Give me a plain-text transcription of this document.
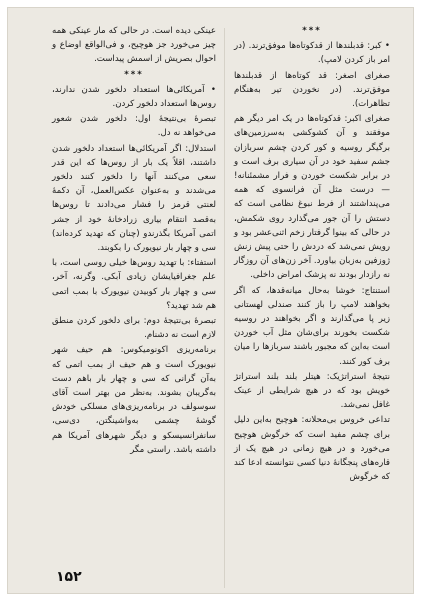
***

• کبر: قدبلندها از قدکوتاه‌ها موفق‌ترند. (در امر باز کردن لامپ).

صغرای اصغر: قد کوتاه‌ها از قدبلندها موفق‌ترند. (در نخوردن تیر به‌هنگام تظاهرات).

صغرای اکبر: قدکوتاه‌ها در یک امر دیگر هم موفقند و آن کشوکشی به‌سرزمین‌های برگیگر روسیه و کور کردن چشم سربازان جشم سفید خود در آن سیاری برف است و در برابر شکست خوردن و فرار مشمئنانه! — درست مثل آن فرانسوی که همه می‌پنداشتند از فرط نبوغ نظامی است که دستش را آن جور می‌گذارد روی شکمش، در حالی که بینوا گرفتار زخم اثنی‌عشر بود و رویش نمی‌شد که دردش را حتی پیش زنش ژوزفین به‌زبان بیاورد. آخر زن‌های آن روزگار نه رازدار بودند نه پزشک امراض داخلی.

استنتاج: خوشا به‌حال میانه‌قدها، که اگر بخواهند لامپ را باز کنند صندلی لهستانی زیر پا می‌گذارند و اگر بخواهند در روسیه شکست بخورند برای‌شان مثل آب خوردن است به‌این که مجبور باشند سربازها را میان برف کور کنند.

نتیجهٔ استراتژیک: هیتلر بلند بلند استراتژ خویش بود که در هیچ شرایطی از عینک غافل نمی‌شد.

تداعی خروس بی‌محلانه: هوچیح به‌این دلیل برای چشم مفید است که خرگوش هوچیح می‌خورد و در هیچ زمانی در هیچ یک از قاره‌های پنجگانهٔ دنیا کسی نتوانسته ادعا کند که خرگوش

عینکی دیده است. در حالی که مار عینکی همه چیز می‌خورد جز هوچیح، و فی‌الواقع اوضاع و احوال بصریش از اسمش پیداست.

***

• آمریکائی‌ها استعداد دلخور شدن ندارند، روس‌ها استعداد دلخور کردن.

تبصرهٔ بی‌نتیجهٔ اول: دلخور شدن شعور می‌خواهد نه دل.

استدلال: اگر آمریکائی‌ها استعداد دلخور شدن داشتند، اقلاً یک بار از روس‌ها که این قدر سعی می‌کنند آنها را دلخور کنند دلخور می‌شدند و به‌عنوان عکس‌العمل، آن دکمهٔ لعنتی قرمز را فشار می‌دادند تا روس‌ها به‌قصد انتقام بیاری زرادخانهٔ خود از جشر اتمی آمریکا بگذرندو (چنان که تهدید کرده‌اند) سی و چهار بار نیویورک را بکوبند.

استفتاء: با تهدید روس‌ها خیلی روسی است، با علم جغرافیایشان زیادی آبکی. وگرنه، آخر، سی و چهار بار کوبیدن نیویورک با بمب اتمی هم شد تهدید؟

تبصرهٔ بی‌نتیجهٔ دوم: برای دلخور کردن منطق لازم است نه دشنام.

برنامه‌ریزی اکونومیکوس: هم حیف شهر نیویورک است و هم حیف از بمب اتمی که به‌آن گرانی که سی و چهار بار باهم دست به‌گریبان بشوند. به‌نظر من بهتر است آقای سوسولف در برنامه‌ریزی‌های مسلکی خودش گوشهٔ چشمی به‌واشینگتن، دی‌سی، سانفرانسیسکو و دیگر شهرهای آمریکا هم داشته باشد. راستی مگر

۱۵۲
